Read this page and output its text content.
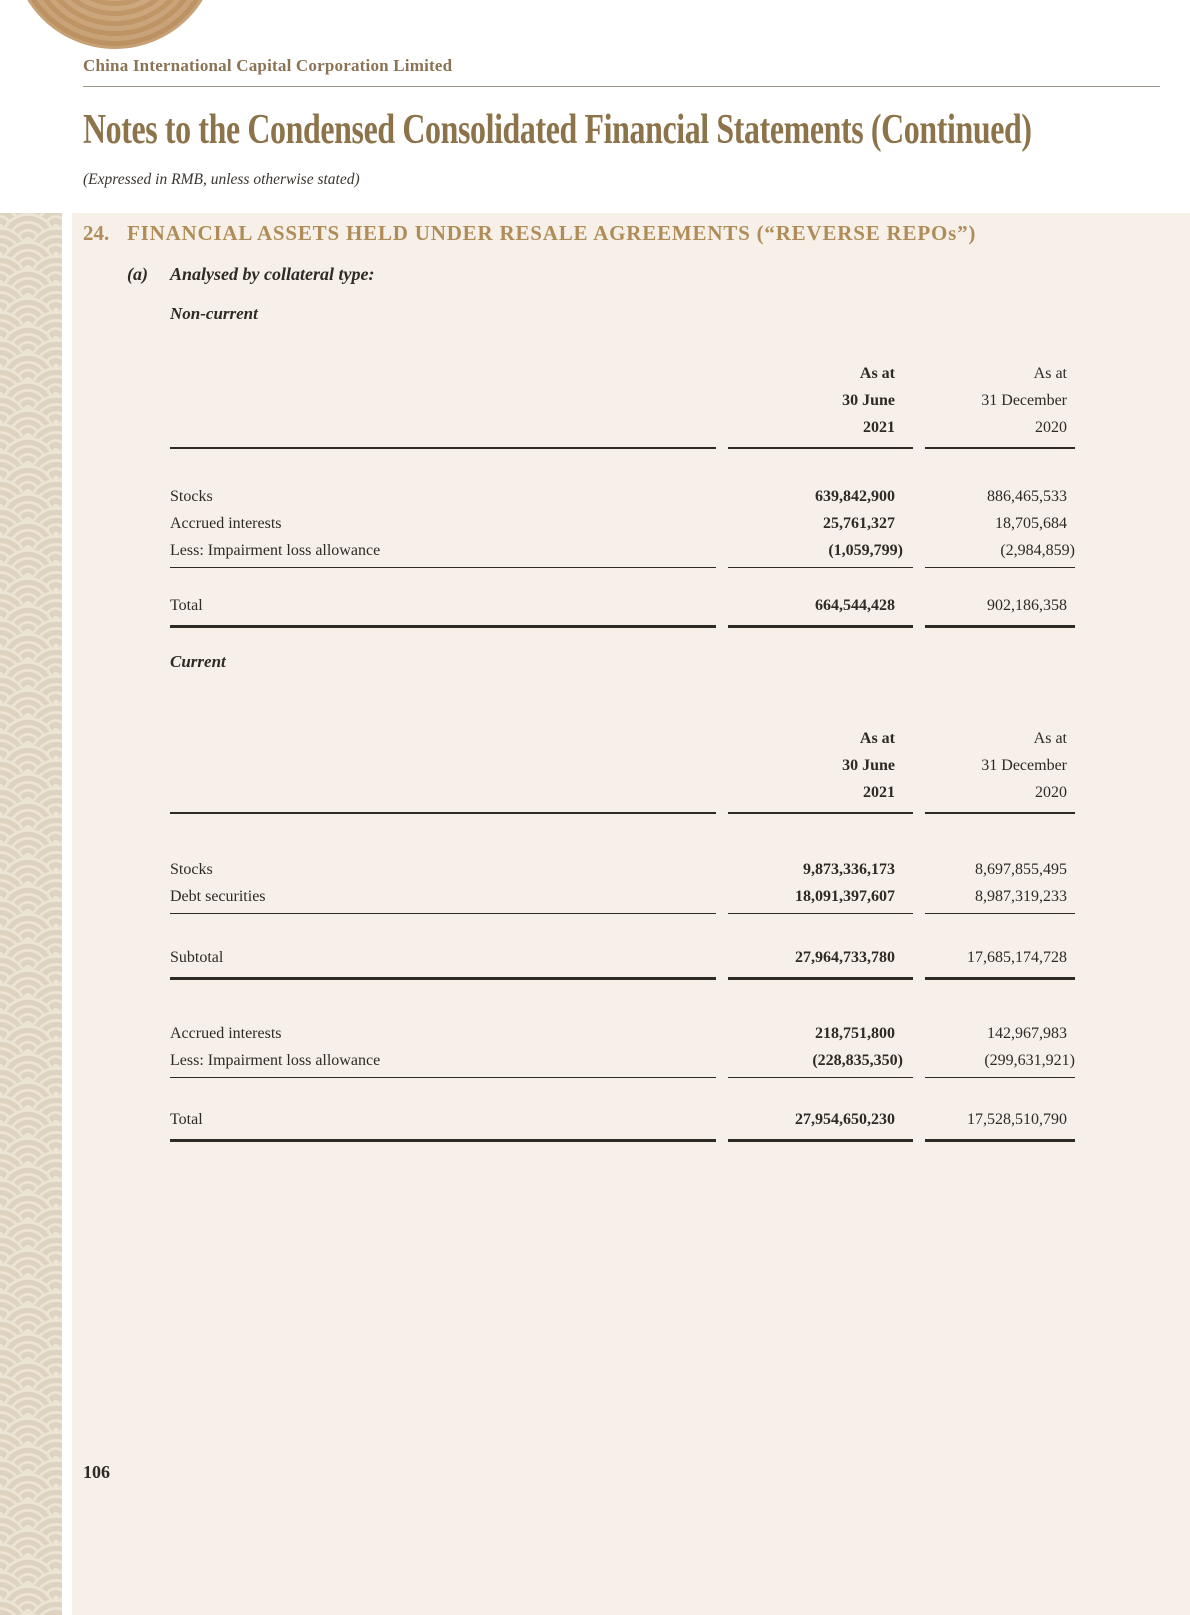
China International Capital Corporation Limited
Notes to the Condensed Consolidated Financial Statements (Continued)
(Expressed in RMB, unless otherwise stated)
24. FINANCIAL ASSETS HELD UNDER RESALE AGREEMENTS (“REVERSE REPOs”)
(a) Analysed by collateral type:
Non-current
As at
30 June
2021
As at
31 December
2020
Stocks	639,842,900	886,465,533
Accrued interests	25,761,327	18,705,684
Less: Impairment loss allowance	(1,059,799)	(2,984,859)
Total	664,544,428	902,186,358
Current
As at
30 June
2021
As at
31 December
2020
Stocks	9,873,336,173	8,697,855,495
Debt securities	18,091,397,607	8,987,319,233
Subtotal	27,964,733,780	17,685,174,728
Accrued interests	218,751,800	142,967,983
Less: Impairment loss allowance	(228,835,350)	(299,631,921)
Total	27,954,650,230	17,528,510,790
106
